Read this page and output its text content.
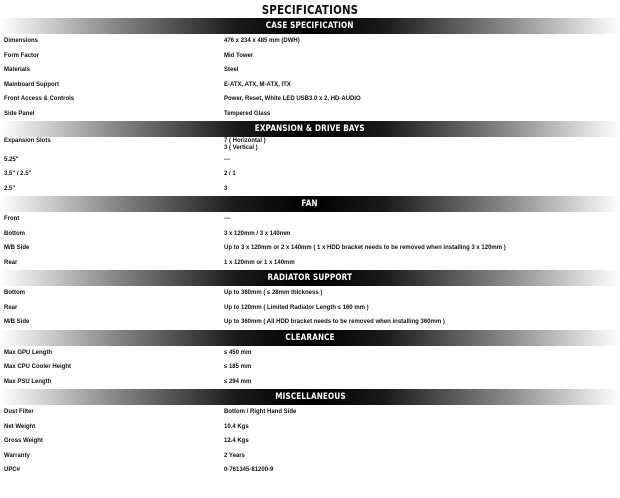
SPECIFICATIONS
CASE SPECIFICATION
Dimensions	476 x 234 x 485 mm (DWH)
Form Factor	Mid Tower
Materials	Steel
Mainboard Support	E-ATX, ATX, M-ATX, ITX
Front Access & Controls	Power, Reset, White LED USB3.0 x 2, HD-AUDIO
Side Panel	Tempered Glass
EXPANSION & DRIVE BAYS
Expansion Slots	7 ( Horizontal )
3 ( Vertical )
5.25"	---
3.5" / 2.5"	2 / 1
2.5"	3
FAN
Front	---
Bottom	3 x 120mm / 3 x 140mm
M/B Side	Up to 3 x 120mm or 2 x 140mm ( 1 x HDD bracket needs to be removed when installing 3 x 120mm )
Rear	1 x 120mm or 1 x 140mm
RADIATOR SUPPORT
Bottom	Up to 360mm ( ≤ 28mm thickness )
Rear	Up to 120mm ( Limited Radiator Length ≤ 160 mm )
M/B Side	Up to 360mm ( All HDD bracket needs to be removed when installing 360mm )
CLEARANCE
Max GPU Length	≤ 450 mm
Max CPU Cooler Height	≤ 185 mm
Max PSU Length	≤ 294 mm
MISCELLANEOUS
Dust Filter	Bottom / Right Hand Side
Net Weight	10.4 Kgs
Gross Weight	12.4 Kgs
Warranty	2 Years
UPC#	0-761345-81200-9
